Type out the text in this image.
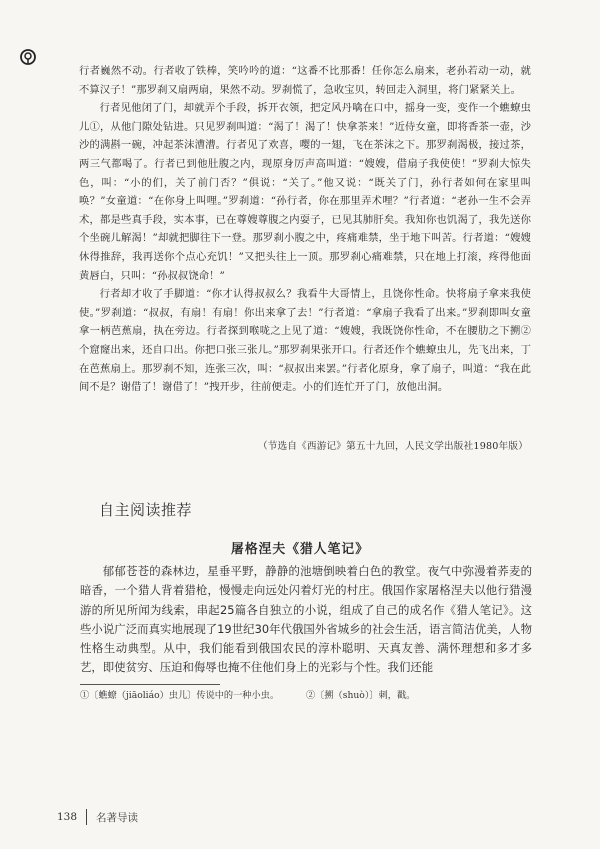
行者巍然不动。行者收了铁棒，笑吟吟的道：“这番不比那番！任你怎么扇来，老孙若动一动，就不算汉子！”那罗刹又扇两扇，果然不动。罗刹慌了，急收宝贝，转回走入洞里，将门紧紧关上。

行者见他闭了门，却就弄个手段，拆开衣领，把定风丹噙在口中，摇身一变，变作一个蟭蟟虫儿①，从他门隙处钻进。只见罗刹叫道：“渴了！渴了！快拿茶来！”近侍女童，即将香茶一壶，沙沙的满斟一碗，冲起茶沫漕漕。行者见了欢喜，嘤的一翅，飞在茶沫之下。那罗刹渴极，接过茶，两三气都喝了。行者已到他肚腹之内，现原身厉声高叫道：“嫂嫂，借扇子我使使！”罗刹大惊失色，叫：“小的们，关了前门否？”俱说：“关了。”他又说：“既关了门，孙行者如何在家里叫唤？”女童道：“在你身上叫哩。”罗刹道：“孙行者，你在那里弄术哩？”行者道：“老孙一生不会弄术，都是些真手段，实本事，已在尊嫂尊腹之内耍子，已见其肺肝矣。我知你也饥渴了，我先送你个坐碗儿解渴！”却就把脚往下一登。那罗刹小腹之中，疼痛难禁，坐于地下叫苦。行者道：“嫂嫂休得推辞，我再送你个点心充饥！”又把头往上一顶。那罗刹心痛难禁，只在地上打滚，疼得他面黄唇白，只叫：“孙叔叔饶命！”

行者却才收了手脚道：“你才认得叔叔么？我看牛大哥情上，且饶你性命。快将扇子拿来我使使。”罗刹道：“叔叔，有扇！有扇！你出来拿了去！”行者道：“拿扇子我看了出来。”罗刹即叫女童拿一柄芭蕉扇，执在旁边。行者探到喉咙之上见了道：“嫂嫂，我既饶你性命，不在腰肋之下搠②个窟窿出来，还自口出。你把口张三张儿。”那罗刹果张开口。行者还作个蟭蟟虫儿，先飞出来，丁在芭蕉扇上。那罗刹不知，连张三次，叫：“叔叔出来罢。”行者化原身，拿了扇子，叫道：“我在此间不是？谢借了！谢借了！”拽开步，往前便走。小的们连忙开了门，放他出洞。

（节选自《西游记》第五十九回，人民文学出版社1980年版）
自主阅读推荐
屠格涅夫《猎人笔记》

郁郁苍苍的森林边，星垂平野，静静的池塘倒映着白色的教堂。夜气中弥漫着荞麦的暗香，一个猎人背着猎枪，慢慢走向远处闪着灯光的村庄。俄国作家屠格涅夫以他行猎漫游的所见所闻为线索，串起25篇各自独立的小说，组成了自己的成名作《猎人笔记》。这些小说广泛而真实地展现了19世纪30年代俄国外省城乡的社会生活，语言简洁优美，人物性格生动典型。从中，我们能看到俄国农民的淳朴聪明、天真友善、满怀理想和多才多艺，即使贫穷、压迫和侮辱也掩不住他们身上的光彩与个性。我们还能

①〔蟭蟟（jiāoliáo）虫儿〕传说中的一种小虫。	②〔搠（shuò）〕刺，戳。
138 名著导读
